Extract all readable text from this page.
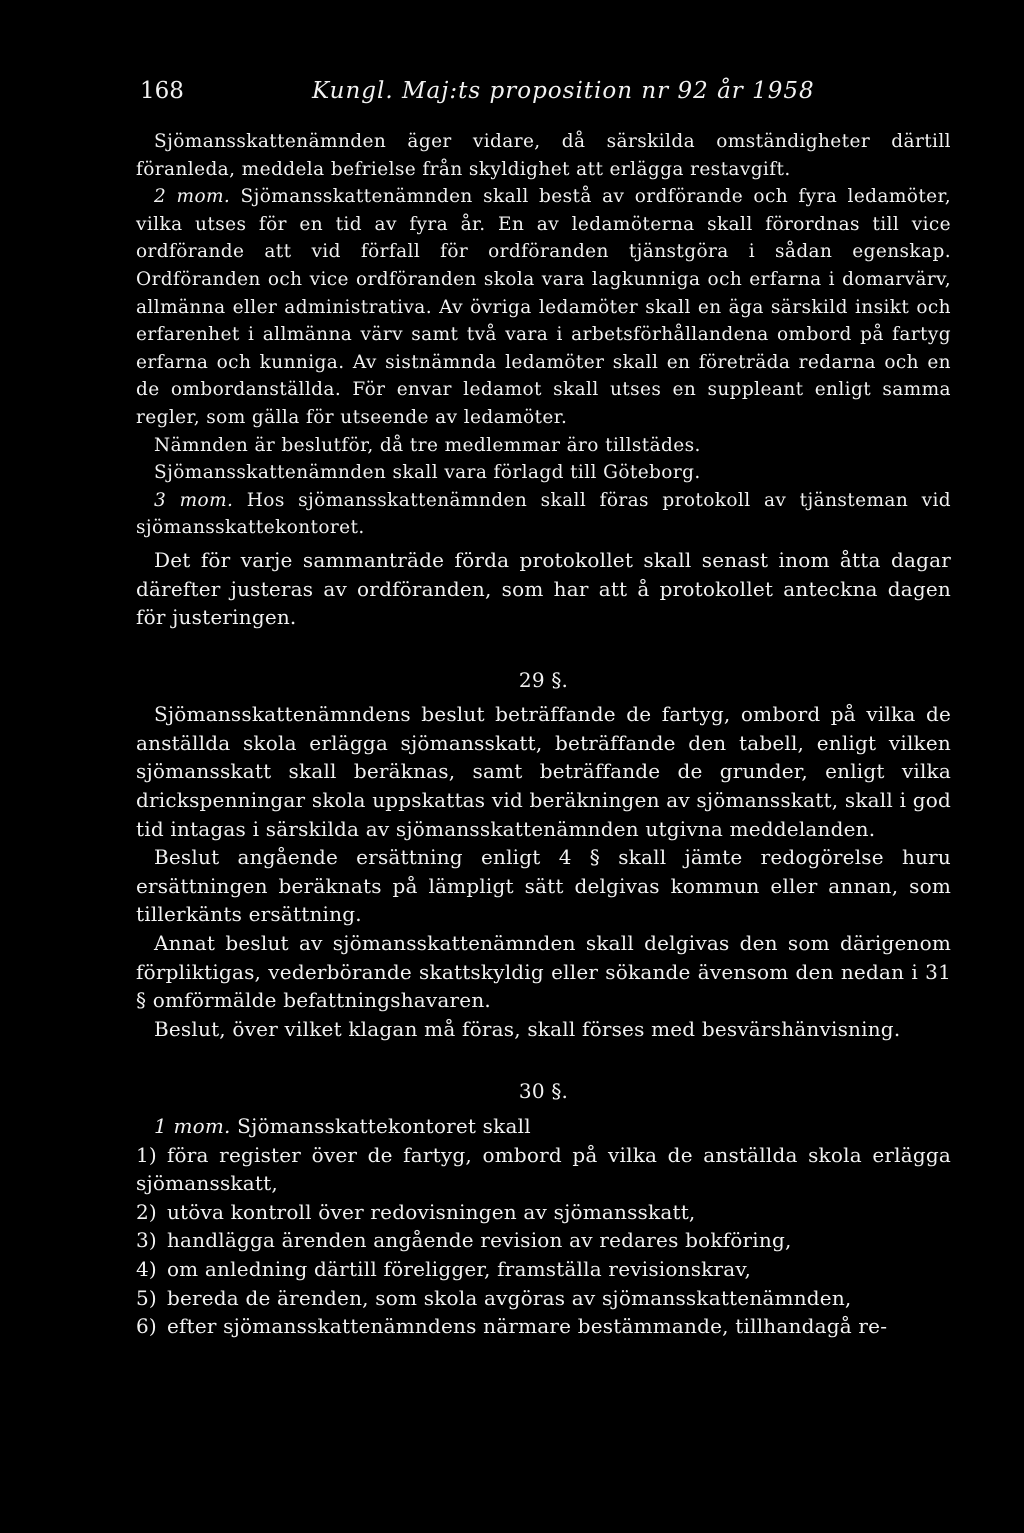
168	Kungl. Maj:ts proposition nr 92 år 1958

Sjömansskattenämnden äger vidare, då särskilda omständigheter därtill föranleda, meddela befrielse från skyldighet att erlägga restavgift.

2 mom. Sjömansskattenämnden skall bestå av ordförande och fyra ledamöter, vilka utses för en tid av fyra år. En av ledamöterna skall förordnas till vice ordförande att vid förfall för ordföranden tjänstgöra i sådan egenskap. Ordföranden och vice ordföranden skola vara lagkunniga och erfarna i domarvärv, allmänna eller administrativa. Av övriga ledamöter skall en äga särskild insikt och erfarenhet i allmänna värv samt två vara i arbetsförhållandena ombord på fartyg erfarna och kunniga. Av sistnämnda ledamöter skall en företräda redarna och en de ombordanställda. För envar ledamot skall utses en suppleant enligt samma regler, som gälla för utseende av ledamöter.

Nämnden är beslutför, då tre medlemmar äro tillstädes.

Sjömansskattenämnden skall vara förlagd till Göteborg.

3 mom. Hos sjömansskattenämnden skall föras protokoll av tjänsteman vid sjömansskattekontoret.

Det för varje sammanträde förda protokollet skall senast inom åtta dagar därefter justeras av ordföranden, som har att å protokollet anteckna dagen för justeringen.

29 §.

Sjömansskattenämndens beslut beträffande de fartyg, ombord på vilka de anställda skola erlägga sjömansskatt, beträffande den tabell, enligt vilken sjömansskatt skall beräknas, samt beträffande de grunder, enligt vilka drickspenningar skola uppskattas vid beräkningen av sjömansskatt, skall i god tid intagas i särskilda av sjömansskattenämnden utgivna meddelanden.

Beslut angående ersättning enligt 4 § skall jämte redogörelse huru ersättningen beräknats på lämpligt sätt delgivas kommun eller annan, som tillerkänts ersättning.

Annat beslut av sjömansskattenämnden skall delgivas den som därigenom förpliktigas, vederbörande skattskyldig eller sökande ävensom den nedan i 31 § omförmälde befattningshavaren.

Beslut, över vilket klagan må föras, skall förses med besvärshänvisning.

30 §.

1 mom. Sjömansskattekontoret skall

1) föra register över de fartyg, ombord på vilka de anställda skola erlägga sjömansskatt,

2) utöva kontroll över redovisningen av sjömansskatt,

3) handlägga ärenden angående revision av redares bokföring,

4) om anledning därtill föreligger, framställa revisionskrav,

5) bereda de ärenden, som skola avgöras av sjömansskattenämnden,

6) efter sjömansskattenämndens närmare bestämmande, tillhandagå re-
